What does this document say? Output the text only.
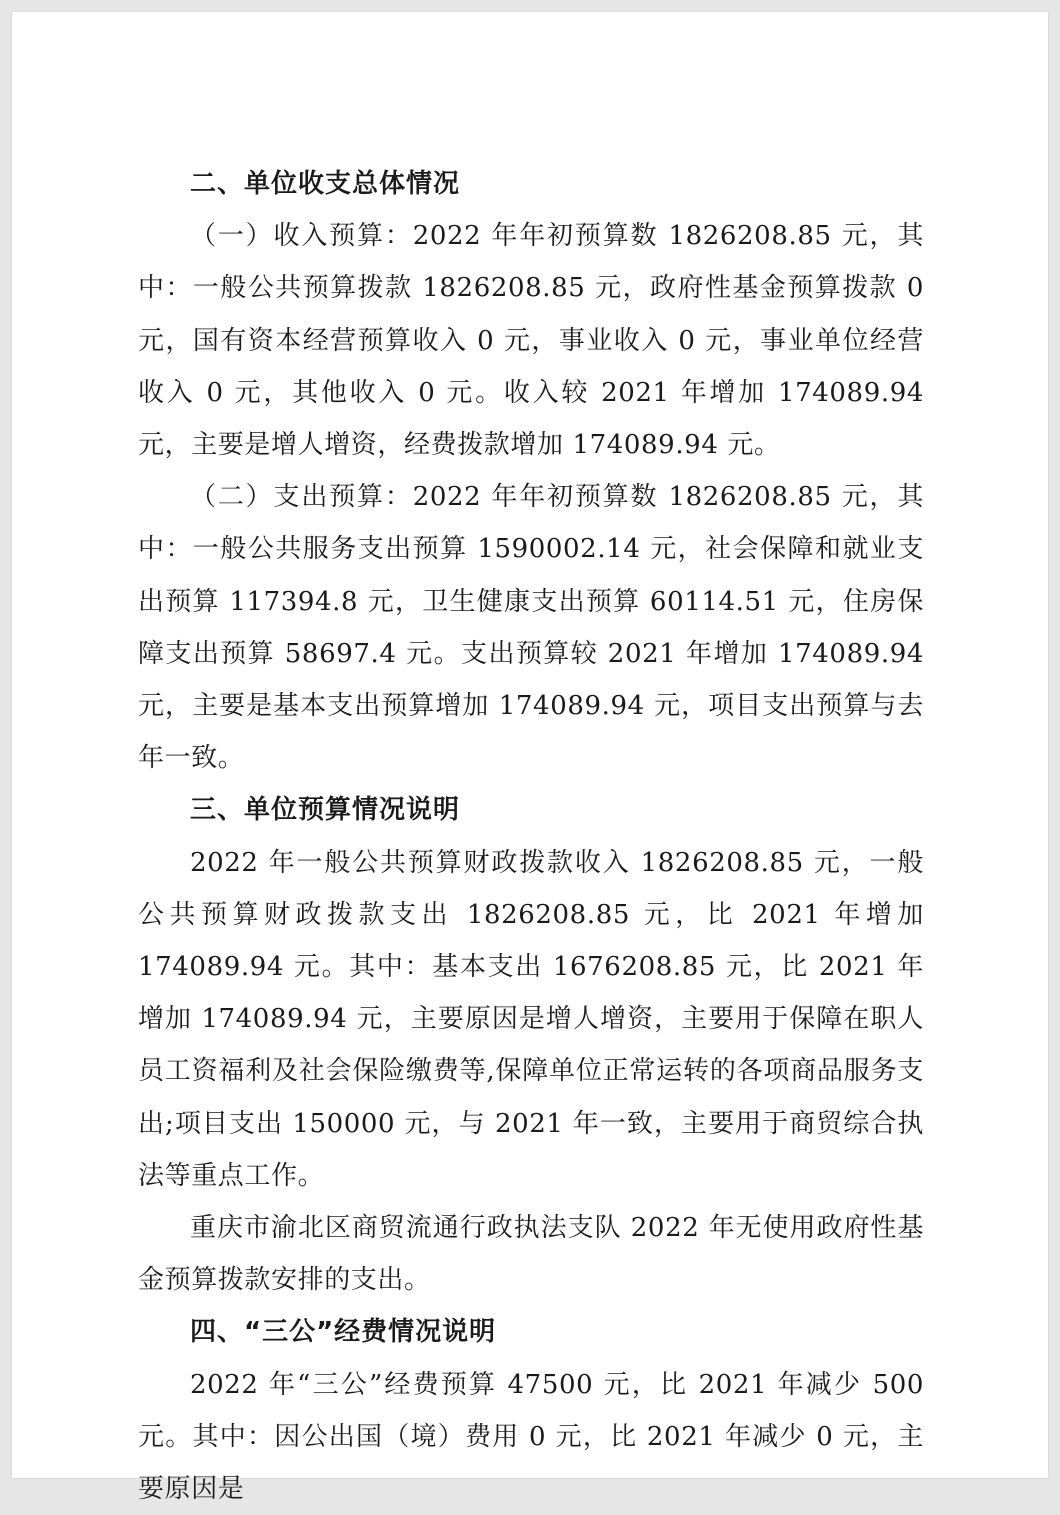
二、单位收支总体情况

（一）收入预算：2022 年年初预算数 1826208.85 元，其中：一般公共预算拨款 1826208.85 元，政府性基金预算拨款 0 元，国有资本经营预算收入 0 元，事业收入 0 元，事业单位经营收入 0 元，其他收入 0 元。收入较 2021 年增加 174089.94 元，主要是增人增资，经费拨款增加 174089.94 元。

（二）支出预算：2022 年年初预算数 1826208.85 元，其中：一般公共服务支出预算 1590002.14 元，社会保障和就业支出预算 117394.8 元，卫生健康支出预算 60114.51 元，住房保障支出预算 58697.4 元。支出预算较 2021 年增加 174089.94 元，主要是基本支出预算增加 174089.94 元，项目支出预算与去年一致。

三、单位预算情况说明

2022 年一般公共预算财政拨款收入 1826208.85 元，一般公共预算财政拨款支出 1826208.85 元，比 2021 年增加 174089.94 元。其中：基本支出 1676208.85 元，比 2021 年增加 174089.94 元，主要原因是增人增资，主要用于保障在职人员工资福利及社会保险缴费等,保障单位正常运转的各项商品服务支出;项目支出 150000 元，与 2021 年一致，主要用于商贸综合执法等重点工作。

重庆市渝北区商贸流通行政执法支队 2022 年无使用政府性基金预算拨款安排的支出。

四、“三公”经费情况说明

2022 年“三公”经费预算 47500 元，比 2021 年减少 500 元。其中：因公出国（境）费用 0 元，比 2021 年减少 0 元，主要原因是
